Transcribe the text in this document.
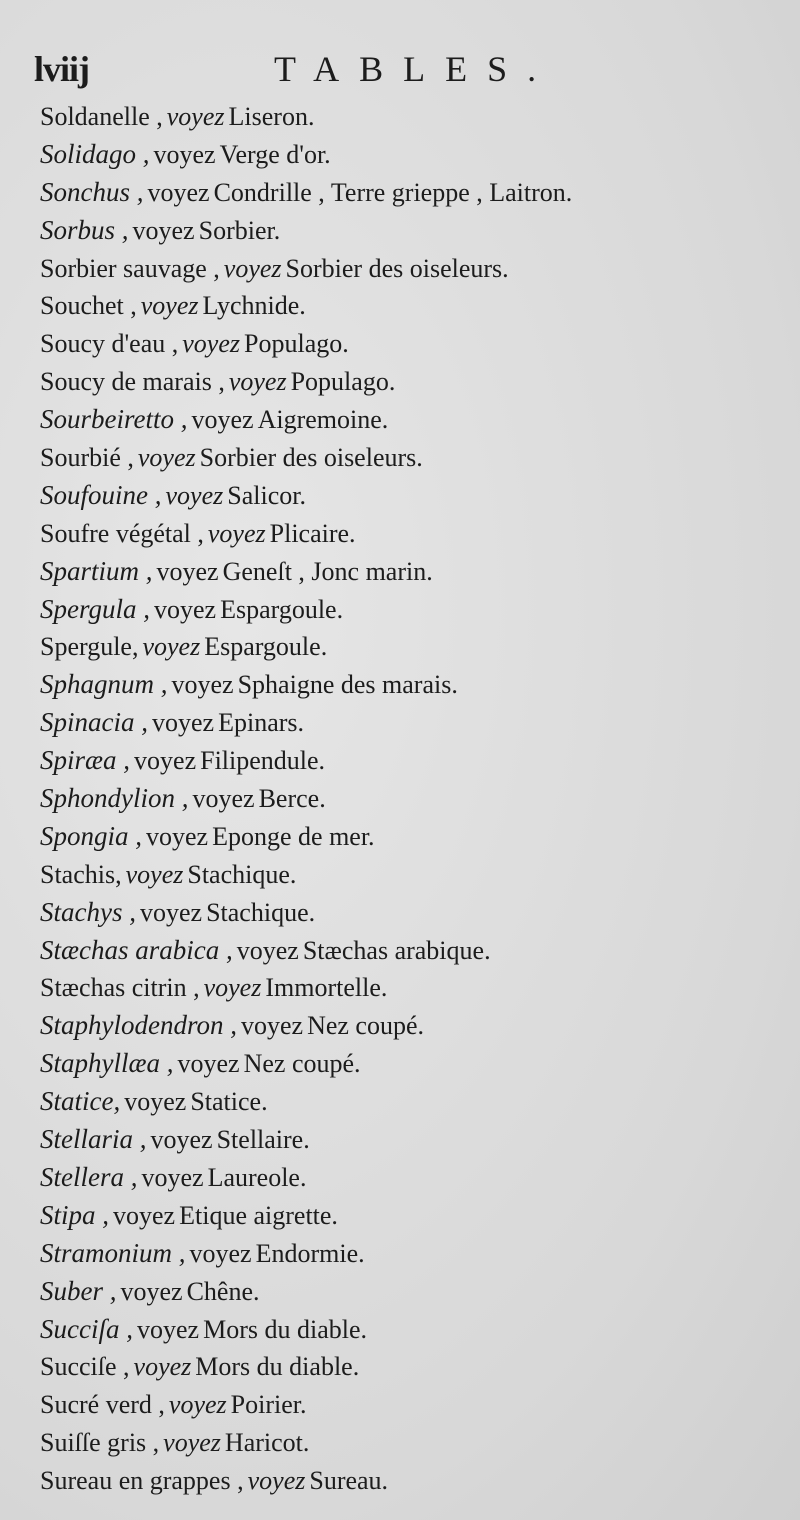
lviij	TABLES.
Soldanelle , voyez Liseron.
Solidago , voyez Verge d'or.
Sonchus , voyez Condrille , Terre grieppe , Laitron.
Sorbus , voyez Sorbier.
Sorbier sauvage , voyez Sorbier des oiseleurs.
Souchet , voyez Lychnide.
Soucy d'eau , voyez Populago.
Soucy de marais , voyez Populago.
Sourbeiretto , voyez Aigremoine.
Sourbié , voyez Sorbier des oiseleurs.
Soufouine , voyez Salicor.
Soufre végétal , voyez Plicaire.
Spartium , voyez Geneſt , Jonc marin.
Spergula , voyez Espargoule.
Spergule, voyez Espargoule.
Sphagnum , voyez Sphaigne des marais.
Spinacia , voyez Epinars.
Spiræa , voyez Filipendule.
Sphondylion , voyez Berce.
Spongia , voyez Eponge de mer.
Stachis, voyez Stachique.
Stachys , voyez Stachique.
Stæchas arabica , voyez Stæchas arabique.
Stæchas citrin , voyez Immortelle.
Staphylodendron , voyez Nez coupé.
Staphyllæa , voyez Nez coupé.
Statice, voyez Statice.
Stellaria , voyez Stellaire.
Stellera , voyez Laureole.
Stipa , voyez Etique aigrette.
Stramonium , voyez Endormie.
Suber , voyez Chêne.
Succiſa , voyez Mors du diable.
Succiſe , voyez Mors du diable.
Sucré verd , voyez Poirier.
Suiſſe gris , voyez Haricot.
Sureau en grappes , voyez Sureau.
